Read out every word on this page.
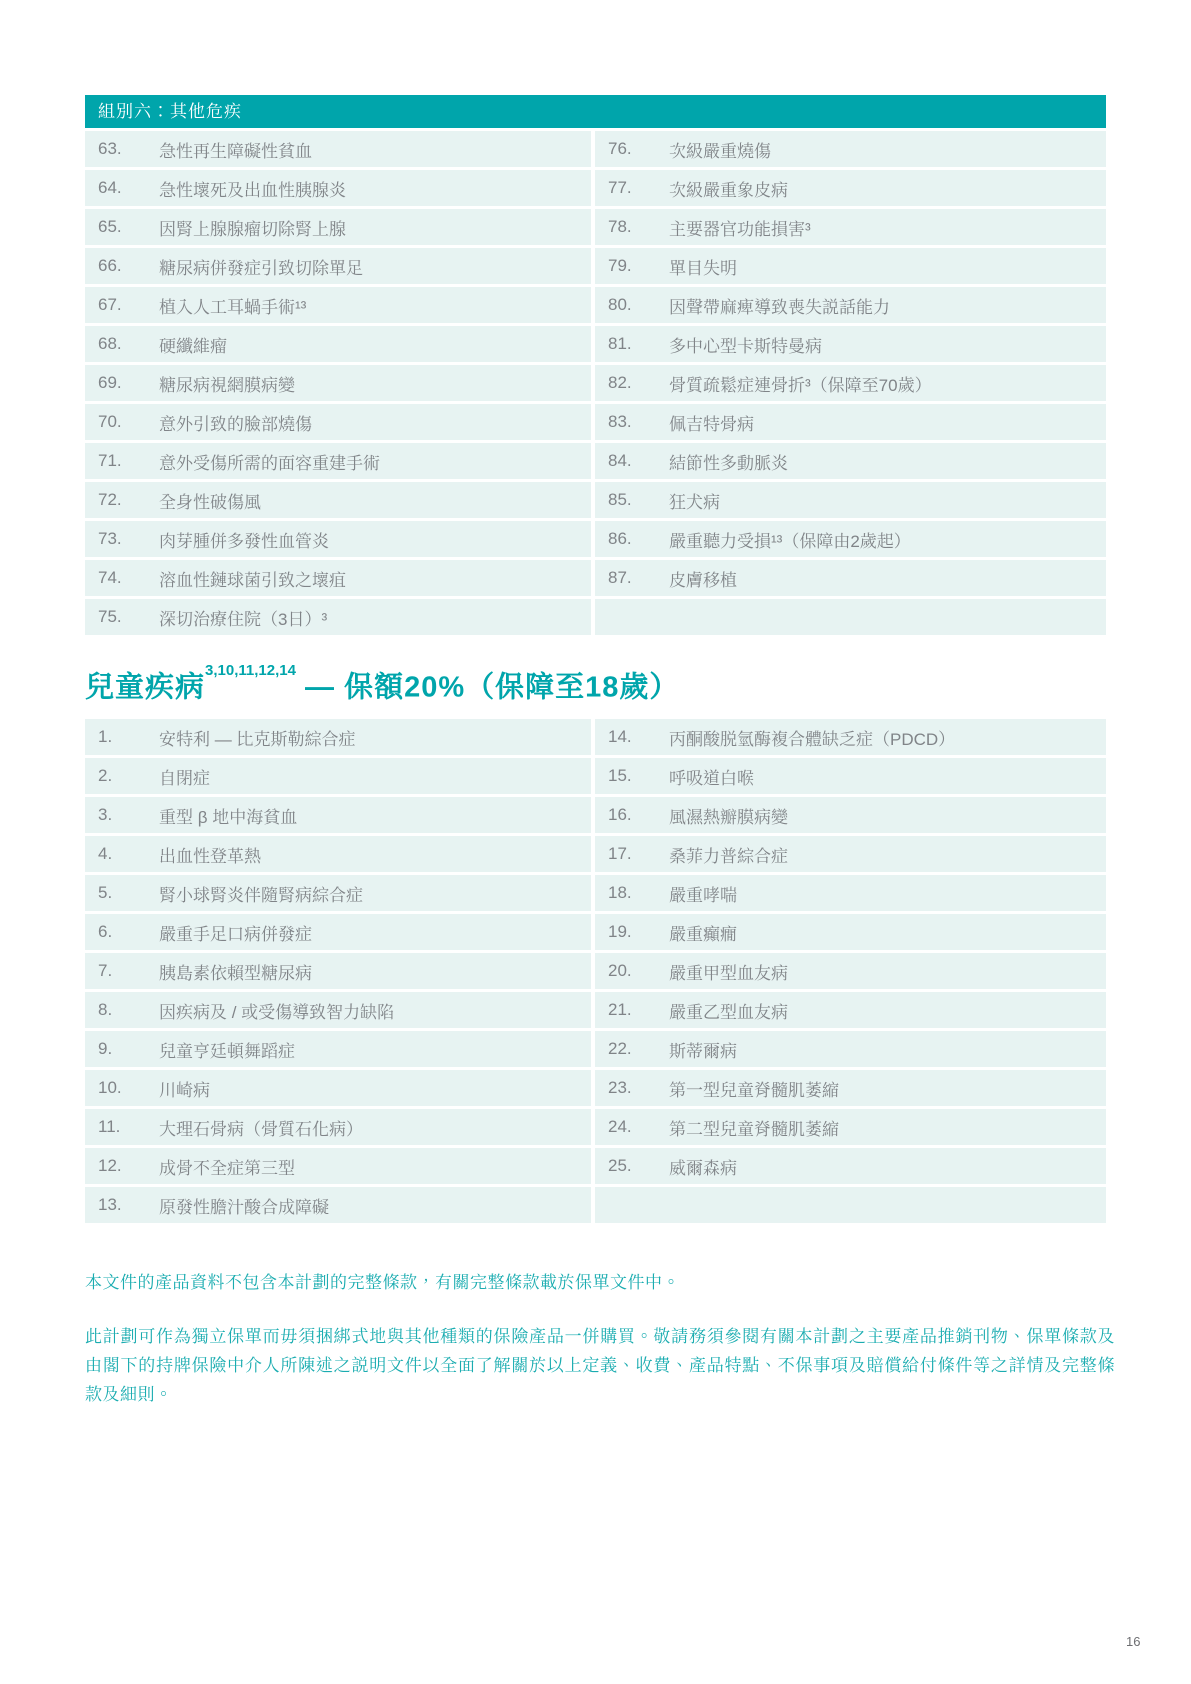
組別六：其他危疾
63.	急性再生障礙性貧血	76.	次級嚴重燒傷
64.	急性壞死及出血性胰腺炎	77.	次級嚴重象皮病
65.	因腎上腺腺瘤切除腎上腺	78.	主要器官功能損害³
66.	糖尿病併發症引致切除單足	79.	單目失明
67.	植入人工耳蝸手術¹³	80.	因聲帶麻痺導致喪失説話能力
68.	硬纖維瘤	81.	多中心型卡斯特曼病
69.	糖尿病視網膜病變	82.	骨質疏鬆症連骨折³（保障至70歲）
70.	意外引致的臉部燒傷	83.	佩吉特骨病
71.	意外受傷所需的面容重建手術	84.	結節性多動脈炎
72.	全身性破傷風	85.	狂犬病
73.	肉芽腫併多發性血管炎	86.	嚴重聽力受損¹³（保障由2歲起）
74.	溶血性鏈球菌引致之壞疽	87.	皮膚移植
75.	深切治療住院（3日）³
兒童疾病$^{3,10,11,12,14}$ — 保額20%（保障至18歲）
1.	安特利 — 比克斯勒綜合症	14.	丙酮酸脱氫酶複合體缺乏症（PDCD）
2.	自閉症	15.	呼吸道白喉
3.	重型 β 地中海貧血	16.	風濕熱瓣膜病變
4.	出血性登革熱	17.	桑菲力普綜合症
5.	腎小球腎炎伴隨腎病綜合症	18.	嚴重哮喘
6.	嚴重手足口病併發症	19.	嚴重癲癇
7.	胰島素依賴型糖尿病	20.	嚴重甲型血友病
8.	因疾病及 / 或受傷導致智力缺陷	21.	嚴重乙型血友病
9.	兒童亨廷頓舞蹈症	22.	斯蒂爾病
10.	川崎病	23.	第一型兒童脊髓肌萎縮
11.	大理石骨病（骨質石化病）	24.	第二型兒童脊髓肌萎縮
12.	成骨不全症第三型	25.	威爾森病
13.	原發性膽汁酸合成障礙

本文件的產品資料不包含本計劃的完整條款，有關完整條款載於保單文件中。

此計劃可作為獨立保單而毋須捆綁式地與其他種類的保險產品一併購買。敬請務須參閱有關本計劃之主要產品推銷刊物、保單條款及由閣下的持牌保險中介人所陳述之説明文件以全面了解關於以上定義、收費、產品特點、不保事項及賠償給付條件等之詳情及完整條款及細則。

16
